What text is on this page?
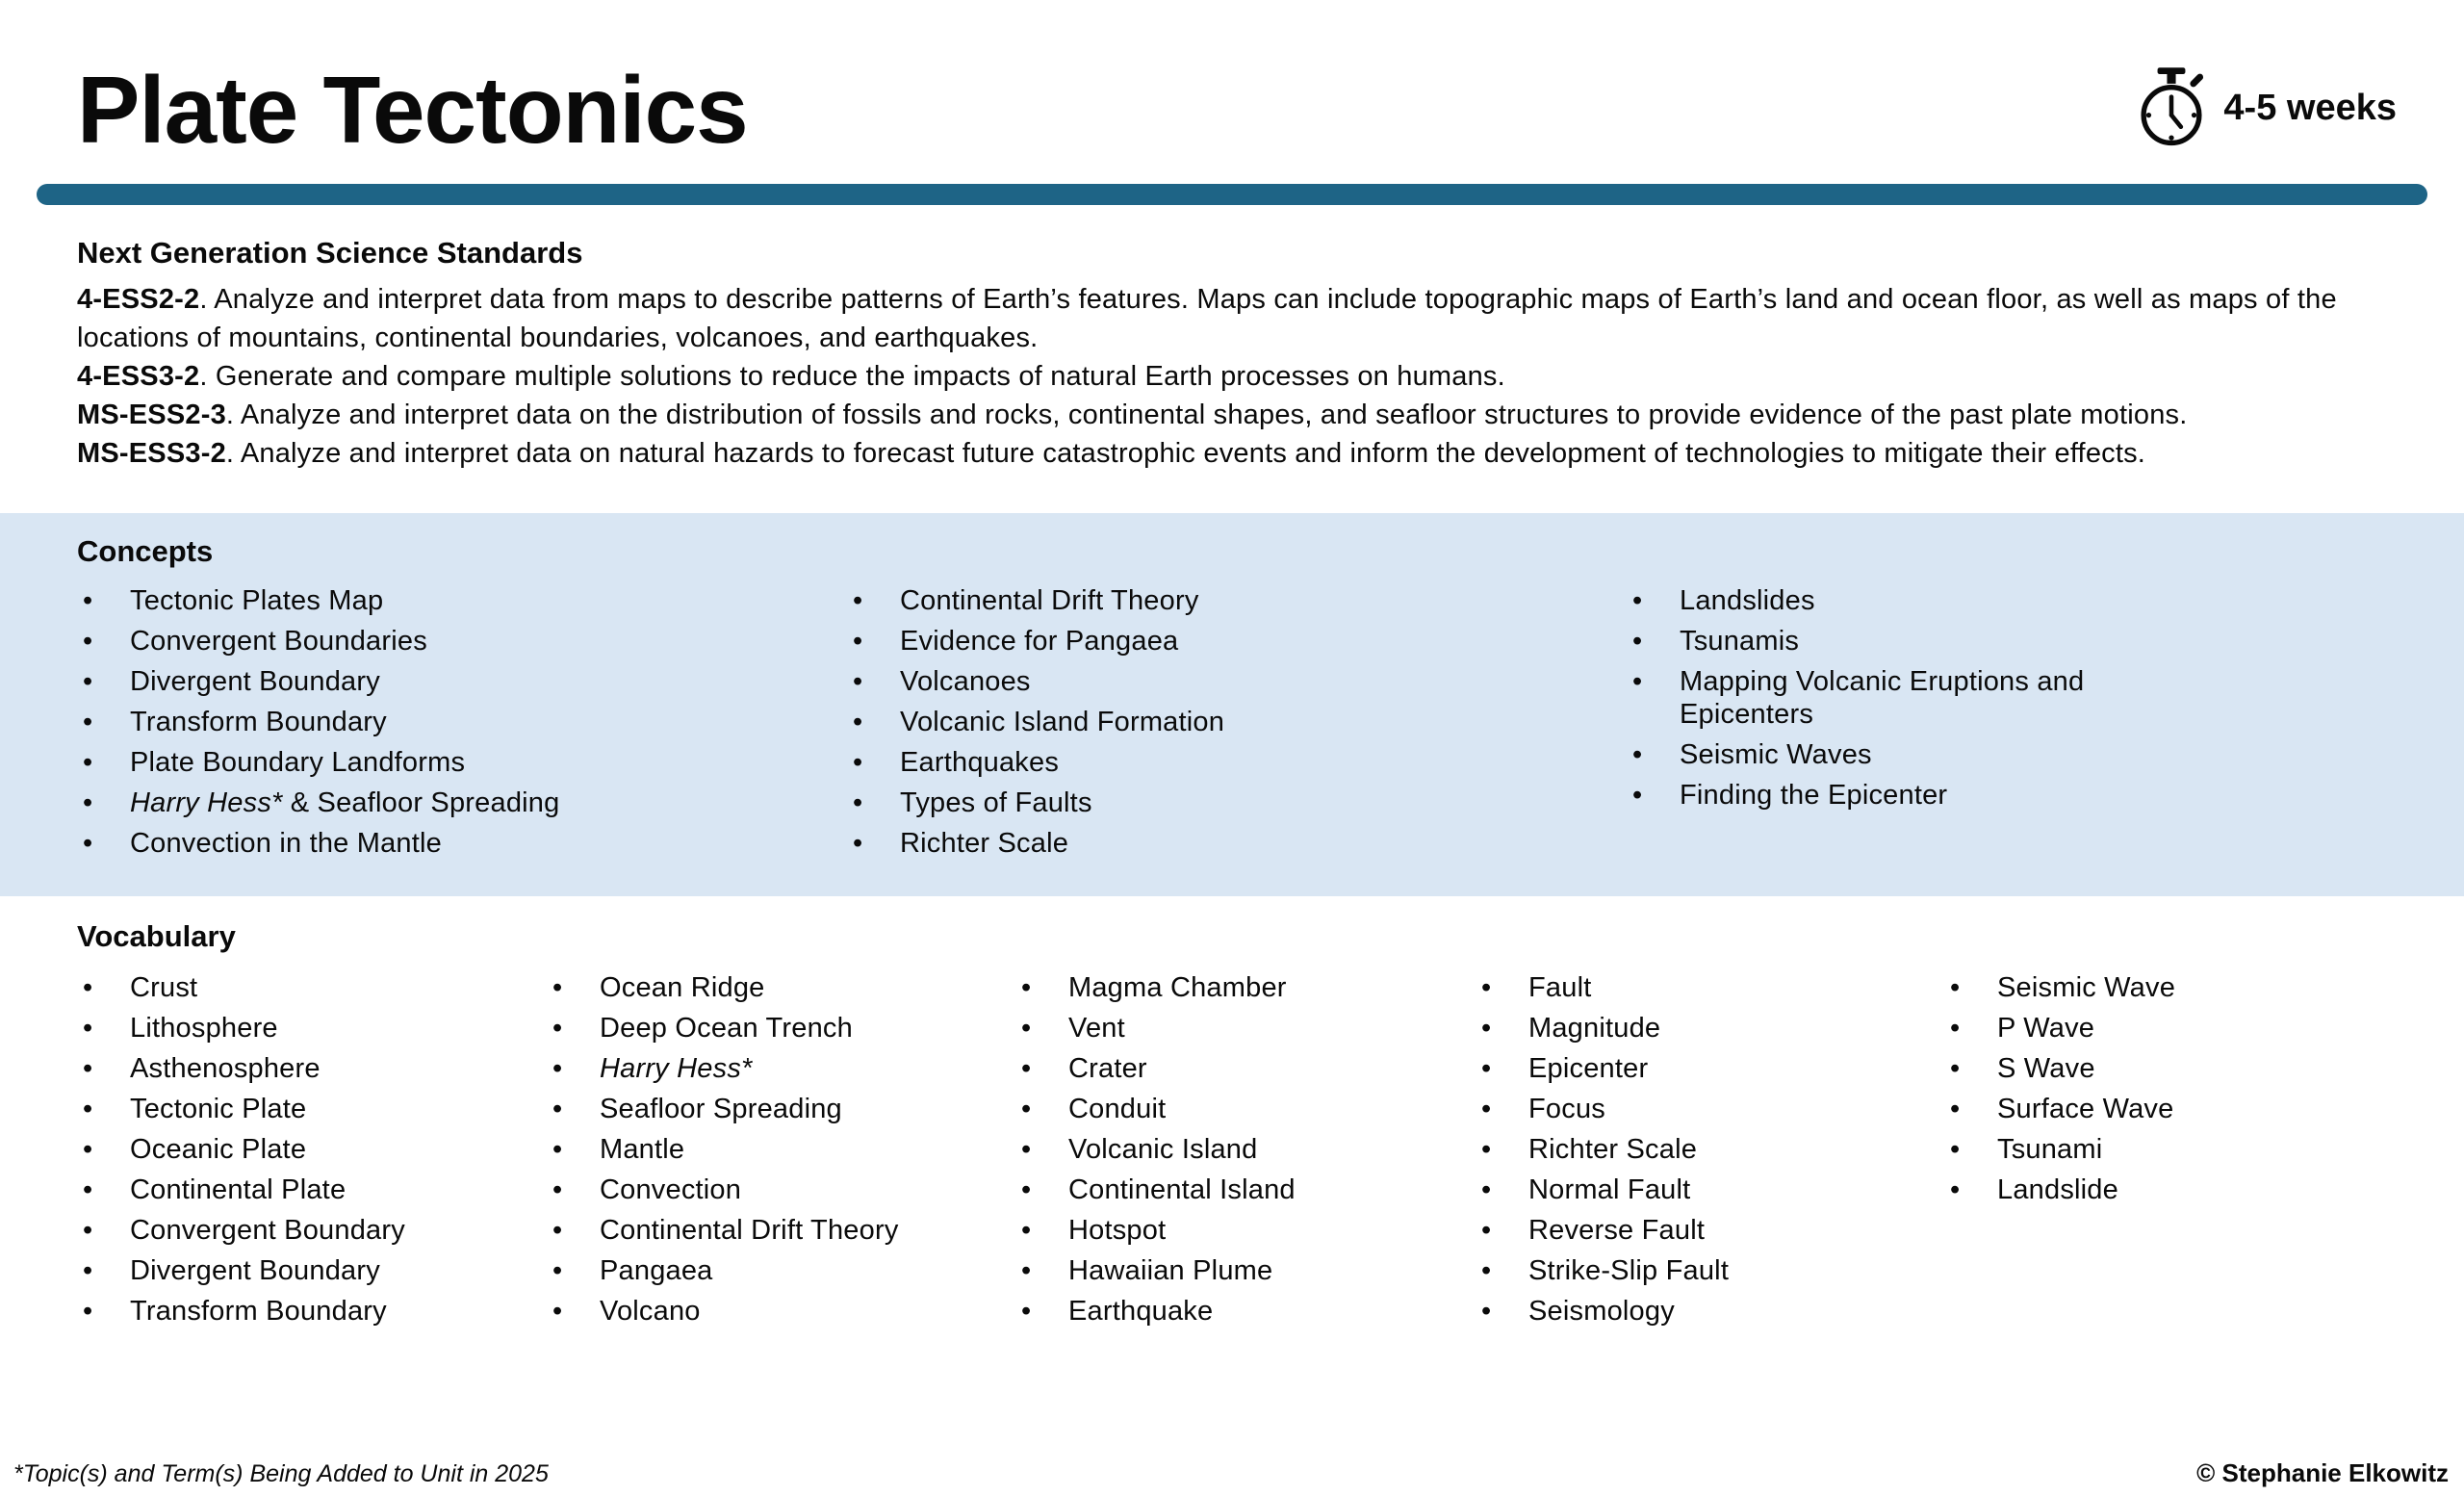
Plate Tectonics	4-5 weeks
Next Generation Science Standards

4-ESS2-2. Analyze and interpret data from maps to describe patterns of Earth’s features. Maps can include topographic maps of Earth’s land and ocean floor, as well as maps of the locations of mountains, continental boundaries, volcanoes, and earthquakes.

4-ESS3-2. Generate and compare multiple solutions to reduce the impacts of natural Earth processes on humans.

MS-ESS2-3. Analyze and interpret data on the distribution of fossils and rocks, continental shapes, and seafloor structures to provide evidence of the past plate motions.

MS-ESS3-2. Analyze and interpret data on natural hazards to forecast future catastrophic events and inform the development of technologies to mitigate their effects.

Concepts
• Tectonic Plates Map
• Convergent Boundaries
• Divergent Boundary
• Transform Boundary
• Plate Boundary Landforms
• Harry Hess* & Seafloor Spreading
• Convection in the Mantle
• Continental Drift Theory
• Evidence for Pangaea
• Volcanoes
• Volcanic Island Formation
• Earthquakes
• Types of Faults
• Richter Scale
• Landslides
• Tsunamis
• Mapping Volcanic Eruptions and Epicenters
• Seismic Waves
• Finding the Epicenter
Vocabulary
• Crust
• Lithosphere
• Asthenosphere
• Tectonic Plate
• Oceanic Plate
• Continental Plate
• Convergent Boundary
• Divergent Boundary
• Transform Boundary
• Ocean Ridge
• Deep Ocean Trench
• Harry Hess*
• Seafloor Spreading
• Mantle
• Convection
• Continental Drift Theory
• Pangaea
• Volcano
• Magma Chamber
• Vent
• Crater
• Conduit
• Volcanic Island
• Continental Island
• Hotspot
• Hawaiian Plume
• Earthquake
• Fault
• Magnitude
• Epicenter
• Focus
• Richter Scale
• Normal Fault
• Reverse Fault
• Strike-Slip Fault
• Seismology
• Seismic Wave
• P Wave
• S Wave
• Surface Wave
• Tsunami
• Landslide
*Topic(s) and Term(s) Being Added to Unit in 2025	© Stephanie Elkowitz
